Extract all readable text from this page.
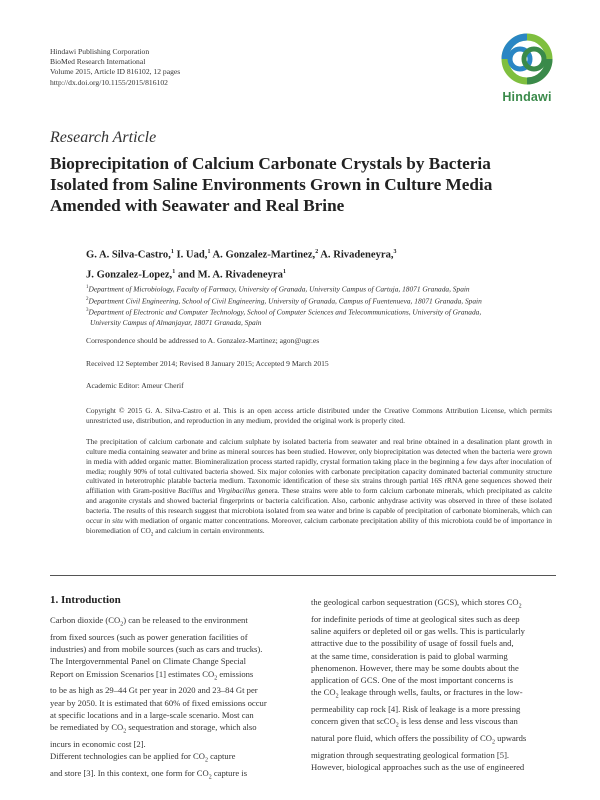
Hindawi Publishing Corporation
BioMed Research International
Volume 2015, Article ID 816102, 12 pages
http://dx.doi.org/10.1155/2015/816102
Hindawi
Research Article
Bioprecipitation of Calcium Carbonate Crystals by Bacteria
Isolated from Saline Environments Grown in Culture Media
Amended with Seawater and Real Brine
G. A. Silva-Castro,$^1$ I. Uad,$^1$ A. Gonzalez-Martinez,$^2$ A. Rivadeneyra,$^3$
J. Gonzalez-Lopez,$^1$ and M. A. Rivadeneyra$^1$
$^1$Department of Microbiology, Faculty of Farmacy, University of Granada, University Campus of Cartuja, 18071 Granada, Spain
$^2$Department Civil Engineering, School of Civil Engineering, University of Granada, Campus of Fuentenueva, 18071 Granada, Spain
$^3$Department of Electronic and Computer Technology, School of Computer Sciences and Telecommunications, University of Granada,
University Campus of Almanjayar, 18071 Granada, Spain
Correspondence should be addressed to A. Gonzalez-Martinez; agon@ugr.es
Received 12 September 2014; Revised 8 January 2015; Accepted 9 March 2015
Academic Editor: Ameur Cherif
Copyright © 2015 G. A. Silva-Castro et al. This is an open access article distributed under the Creative Commons Attribution License, which permits unrestricted use, distribution, and reproduction in any medium, provided the original work is properly cited.
The precipitation of calcium carbonate and calcium sulphate by isolated bacteria from seawater and real brine obtained in a desalination plant growth in culture media containing seawater and brine as mineral sources has been studied. However, only bioprecipitation was detected when the bacteria were grown in media with added organic matter. Biomineralization process started rapidly, crystal formation taking place in the beginning a few days after inoculation of media; roughly 90% of total cultivated bacteria showed. Six major colonies with carbonate precipitation capacity dominated bacterial community structure cultivated in heterotrophic platable bacteria medium. Taxonomic identification of these six strains through partial 16S rRNA gene sequences showed their affiliation with Gram-positive Bacillus and Virgibacillus genera. These strains were able to form calcium carbonate minerals, which precipitated as calcite and aragonite crystals and showed bacterial fingerprints or bacteria calcification. Also, carbonic anhydrase activity was observed in three of these isolated bacteria. The results of this research suggest that microbiota isolated from sea water and brine is capable of precipitation of carbonate biominerals, which can occur in situ with mediation of organic matter concentrations. Moreover, calcium carbonate precipitation ability of this microbiota could be of importance in bioremediation of $CO_2$ and calcium in certain environments.
1. Introduction
Carbon dioxide $(CO_2)$ can be released to the environment
from fixed sources (such as power generation facilities of
industries) and from mobile sources (such as cars and trucks).
The Intergovernmental Panel on Climate Change Special
Report on Emission Scenarios [1] estimates $CO_2$ emissions
to be as high as 29–44 Gt per year in 2020 and 23–84 Gt per
year by 2050. It is estimated that 60% of fixed emissions occur
at specific locations and in a large-scale scenario. Most can
be remediated by $CO_2$ sequestration and storage, which also
incurs in economic cost [2].
Different technologies can be applied for $CO_2$ capture
and store [3]. In this context, one form for $CO_2$ capture is
the geological carbon sequestration (GCS), which stores $CO_2$
for indefinite periods of time at geological sites such as deep
saline aquifers or depleted oil or gas wells. This is particularly
attractive due to the possibility of usage of fossil fuels and,
at the same time, consideration is paid to global warming
phenomenon. However, there may be some doubts about the
application of GCS. One of the most important concerns is
the $CO_2$ leakage through wells, faults, or fractures in the low-
permeability cap rock [4]. Risk of leakage is a more pressing
concern given that scCO$_2$ is less dense and less viscous than
natural pore fluid, which offers the possibility of $CO_2$ upwards
migration through sequestrating geological formation [5].
However, biological approaches such as the use of engineered
